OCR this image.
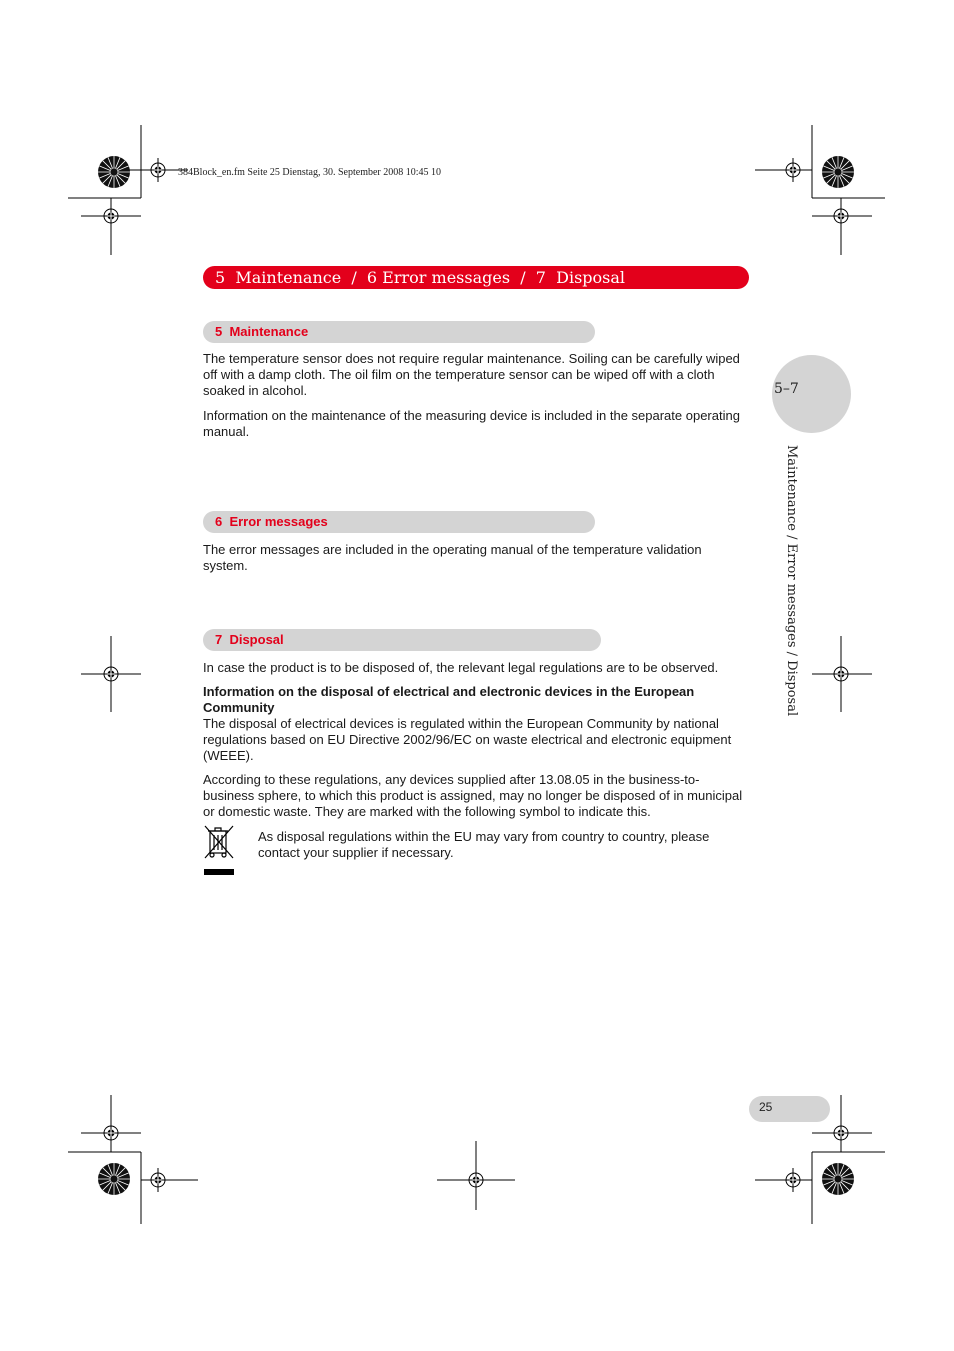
384Block_en.fm Seite 25 Dienstag, 30. September 2008 10:45 10
5  Maintenance  /  6 Error messages  /  7  Disposal
5–7
Maintenance / Error messages / Disposal
5  Maintenance
The temperature sensor does not require regular maintenance. Soiling can be carefully wiped off with a damp cloth. The oil film on the temperature sensor can be wiped off with a cloth soaked in alcohol.
Information on the maintenance of the measuring device is included in the separate operating manual.
6  Error messages
The error messages are included in the operating manual of the temperature validation system.
7  Disposal
In case the product is to be disposed of, the relevant legal regulations are to be observed.
Information on the disposal of electrical and electronic devices in the European Community
The disposal of electrical devices is regulated within the European Community by national regulations based on EU Directive 2002/96/EC on waste electrical and electronic equipment (WEEE).
According to these regulations, any devices supplied after 13.08.05 in the business-to-business sphere, to which this product is assigned, may no longer be disposed of in municipal or domestic waste. They are marked with the following symbol to indicate this.
As disposal regulations within the EU may vary from country to country, please contact your supplier if necessary.
25
